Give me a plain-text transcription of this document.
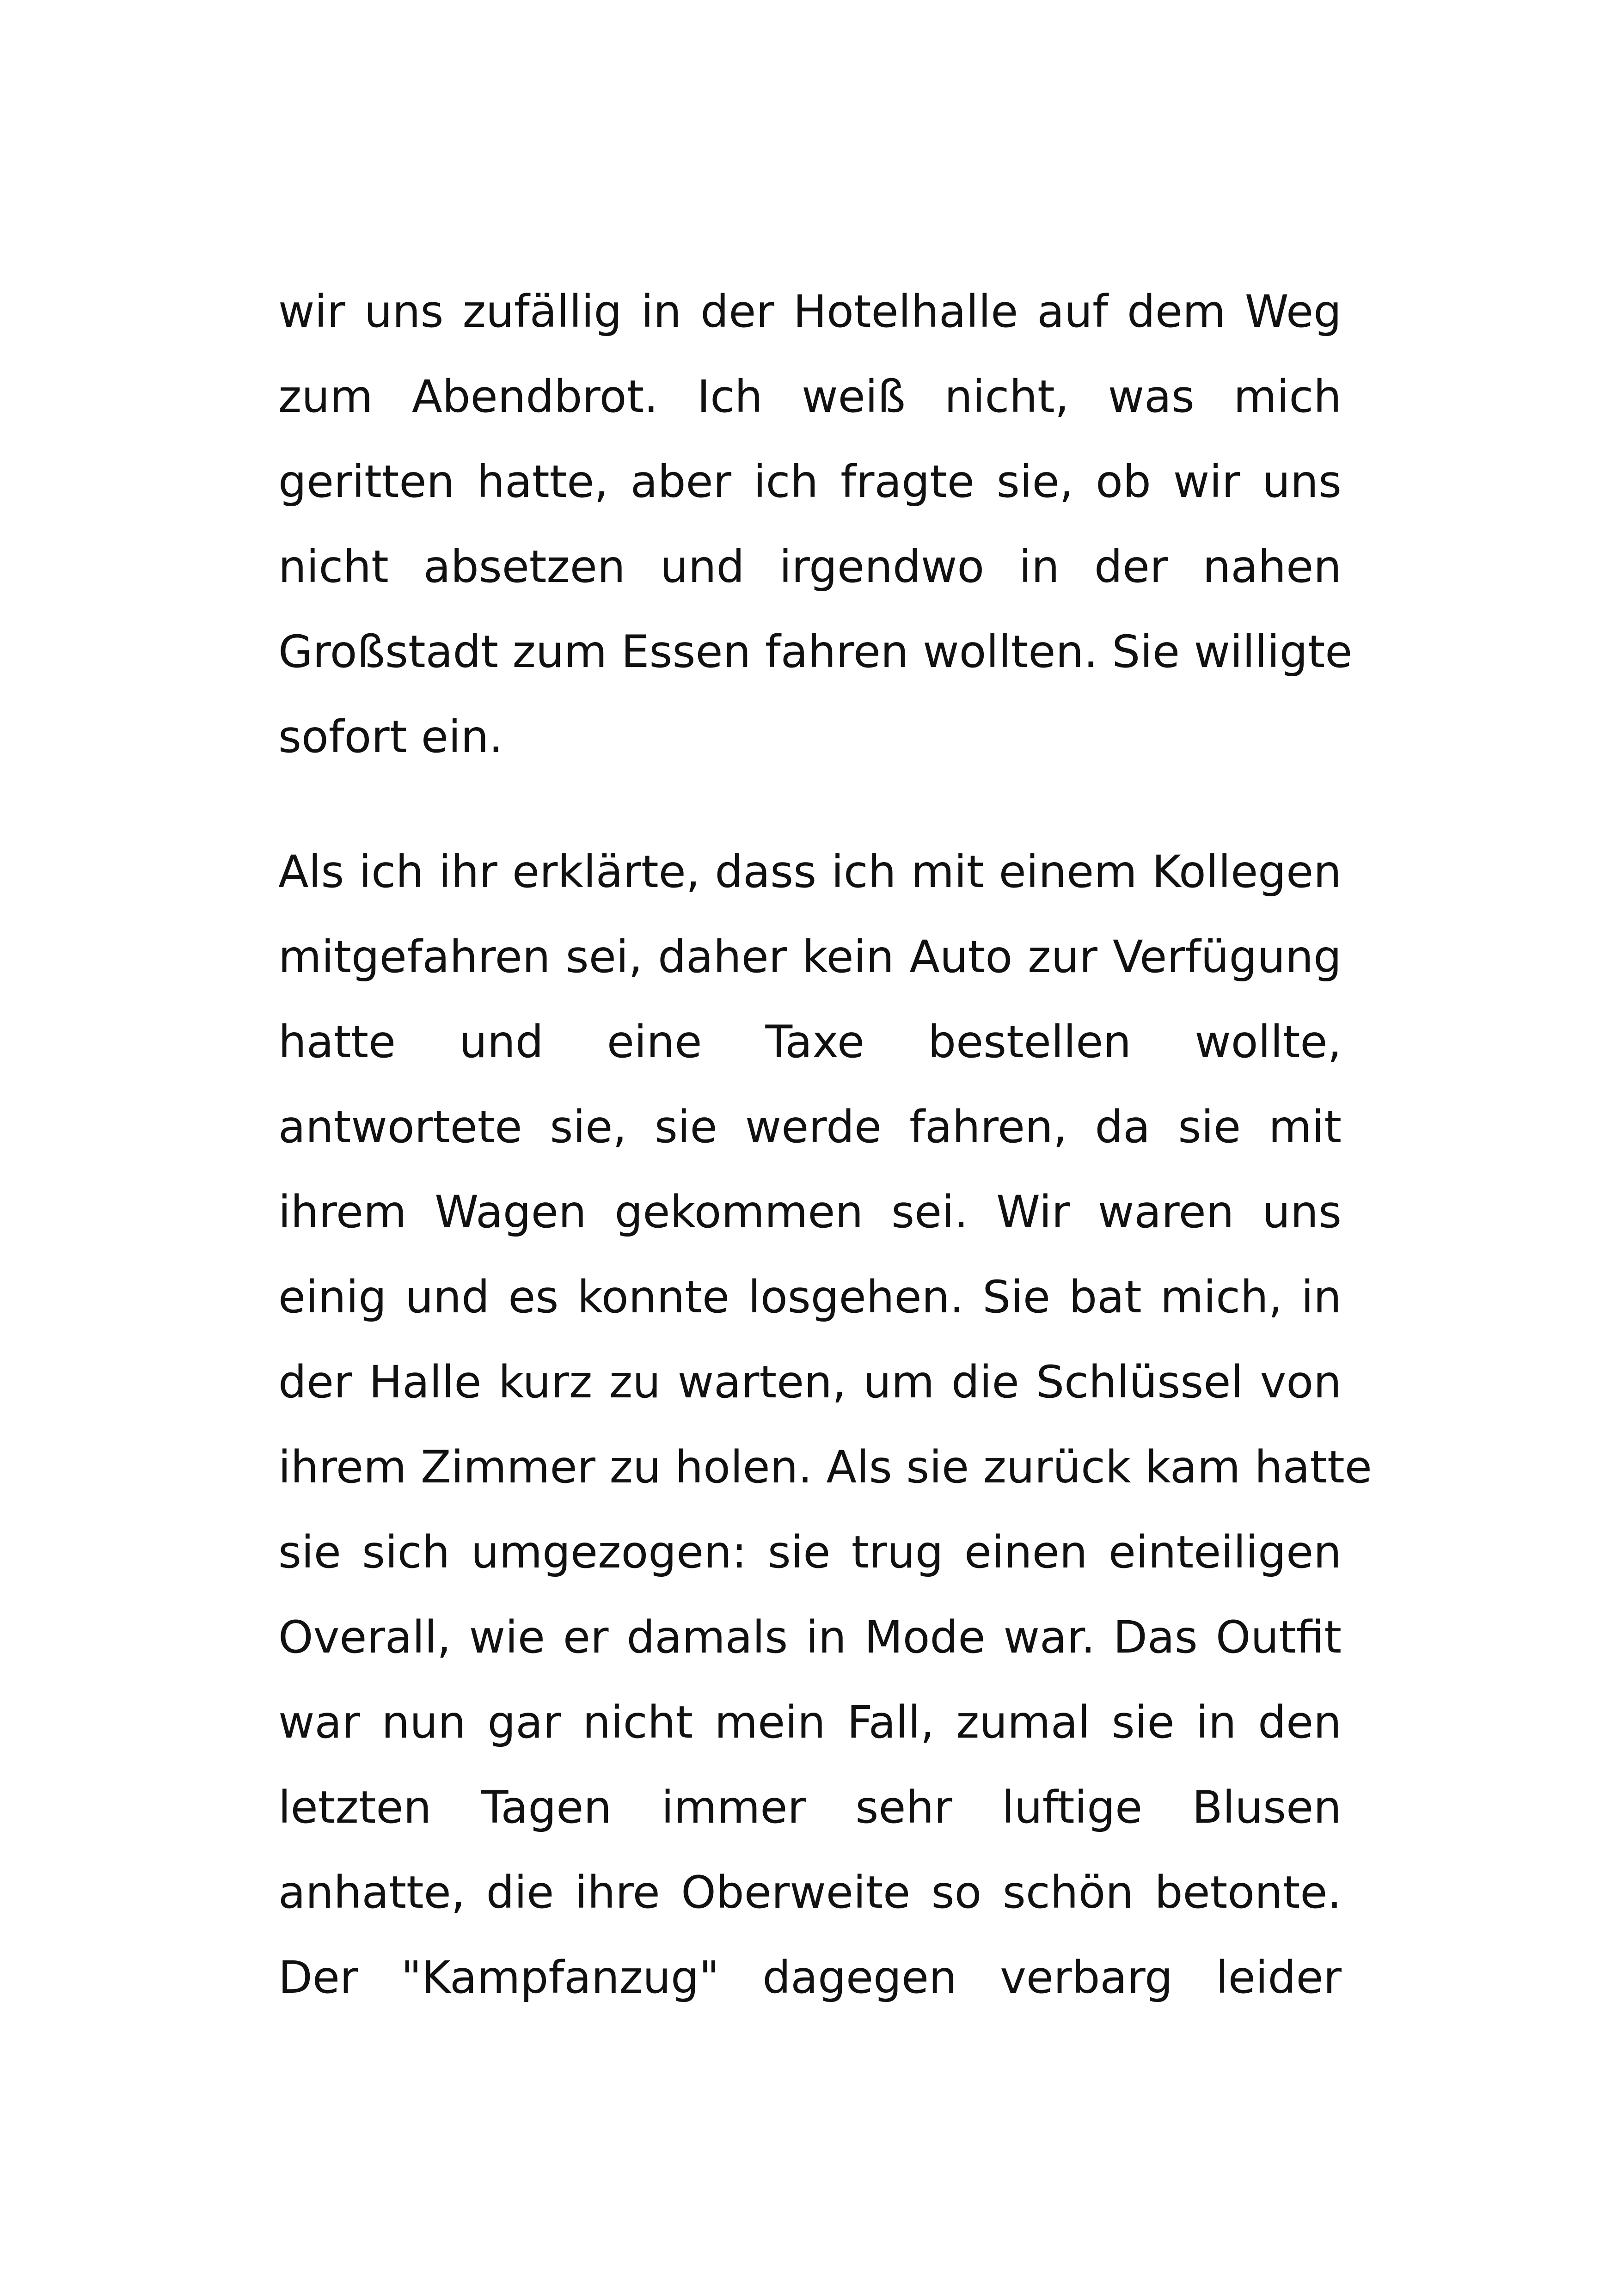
wir uns zufällig in der Hotelhalle auf dem Weg
zum Abendbrot. Ich weiß nicht, was mich
geritten hatte, aber ich fragte sie, ob wir uns
nicht absetzen und irgendwo in der nahen
Großstadt zum Essen fahren wollten. Sie willigte
sofort ein.
Als ich ihr erklärte, dass ich mit einem Kollegen
mitgefahren sei, daher kein Auto zur Verfügung
hatte und eine Taxe bestellen wollte,
antwortete sie, sie werde fahren, da sie mit
ihrem Wagen gekommen sei. Wir waren uns
einig und es konnte losgehen. Sie bat mich, in
der Halle kurz zu warten, um die Schlüssel von
ihrem Zimmer zu holen. Als sie zurück kam hatte
sie sich umgezogen: sie trug einen einteiligen
Overall, wie er damals in Mode war. Das Outfit
war nun gar nicht mein Fall, zumal sie in den
letzten Tagen immer sehr luftige Blusen
anhatte, die ihre Oberweite so schön betonte.
Der "Kampfanzug" dagegen verbarg leider
